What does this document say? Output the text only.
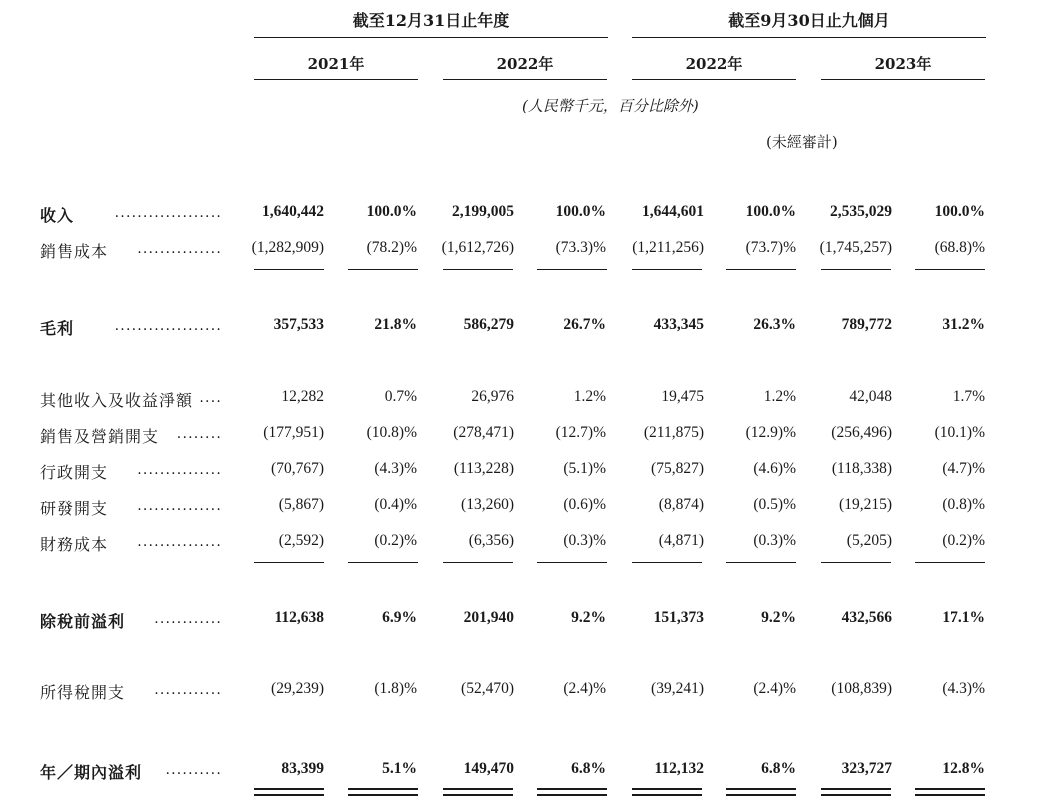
截至12月31日止年度	截至9月30日止九個月
2021年	2022年	2022年	2023年
(人民幣千元，百分比除外)
(未經審計)
收入	...................	1,640,442	100.0%	2,199,005	100.0%	1,644,601	100.0%	2,535,029	100.0%
銷售成本 ...............	(1,282,909)	(78.2)%	(1,612,726)	(73.3)%	(1,211,256)	(73.7)%	(1,745,257)	(68.8)%
毛利	...................	357,533	21.8%	586,279	26.7%	433,345	26.3%	789,772	31.2%
其他收入及收益淨額 ....	12,282	0.7%	26,976	1.2%	19,475	1.2%	42,048	1.7%
銷售及營銷開支 ........	(177,951)	(10.8)%	(278,471)	(12.7)%	(211,875)	(12.9)%	(256,496)	(10.1)%
行政開支 ...............	(70,767)	(4.3)%	(113,228)	(5.1)%	(75,827)	(4.6)%	(118,338)	(4.7)%
研發開支 ...............	(5,867)	(0.4)%	(13,260)	(0.6)%	(8,874)	(0.5)%	(19,215)	(0.8)%
財務成本 ...............	(2,592)	(0.2)%	(6,356)	(0.3)%	(4,871)	(0.3)%	(5,205)	(0.2)%
除稅前溢利 ............	112,638	6.9%	201,940	9.2%	151,373	9.2%	432,566	17.1%
所得稅開支 ............	(29,239)	(1.8)%	(52,470)	(2.4)%	(39,241)	(2.4)%	(108,839)	(4.3)%
年／期內溢利 ..........	83,399	5.1%	149,470	6.8%	112,132	6.8%	323,727	12.8%
